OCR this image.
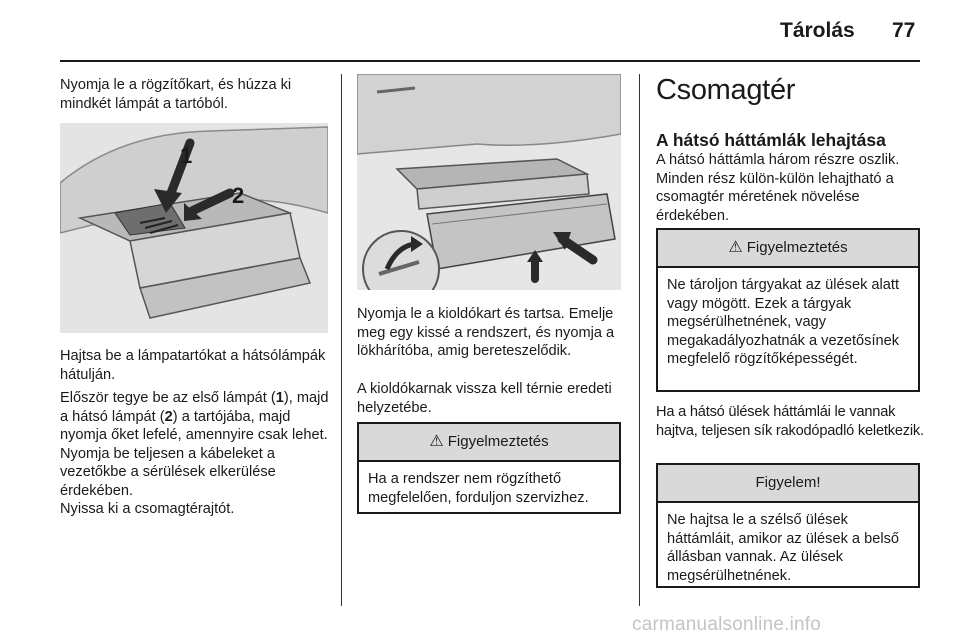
Tárolás 77

Nyomja le a rögzítőkart, és húzza ki mindkét lámpát a tartóból.

1
2

Hajtsa be a lámpatartókat a hátsólámpák hátulján.

Először tegye be az első lámpát (1), majd a hátsó lámpát (2) a tartójába, majd nyomja őket lefelé, amennyire csak lehet. Nyomja be teljesen a kábeleket a vezetőkbe a sérülések elkerülése érdekében.

Nyissa ki a csomagtérajtót.

Nyomja le a kioldókart és tartsa. Emelje meg egy kissé a rendszert, és nyomja a lökhárítóba, amig bereteszelődik.

A kioldókarnak vissza kell térnie eredeti helyzetébe.

⚠ Figyelmeztetés
Ha a rendszer nem rögzíthető megfelelően, forduljon szervizhez.
Csomagtér
A hátsó háttámlák lehajtása

A hátsó háttámla három részre oszlik. Minden rész külön-külön lehajtható a csomagtér méretének növelése érdekében.

⚠ Figyelmeztetés
Ne tároljon tárgyakat az ülések alatt vagy mögött. Ezek a tárgyak megsérülhetnének, vagy megakadályozhatnák a vezetősínek megfelelő rögzítőképességét.

Ha a hátsó ülések háttámlái le vannak hajtva, teljesen sík rakodópadló keletkezik.

Figyelem!
Ne hajtsa le a szélső ülések háttámláit, amikor az ülések a belső állásban vannak. Az ülések megsérülhetnének.
carmanualsonline.info
